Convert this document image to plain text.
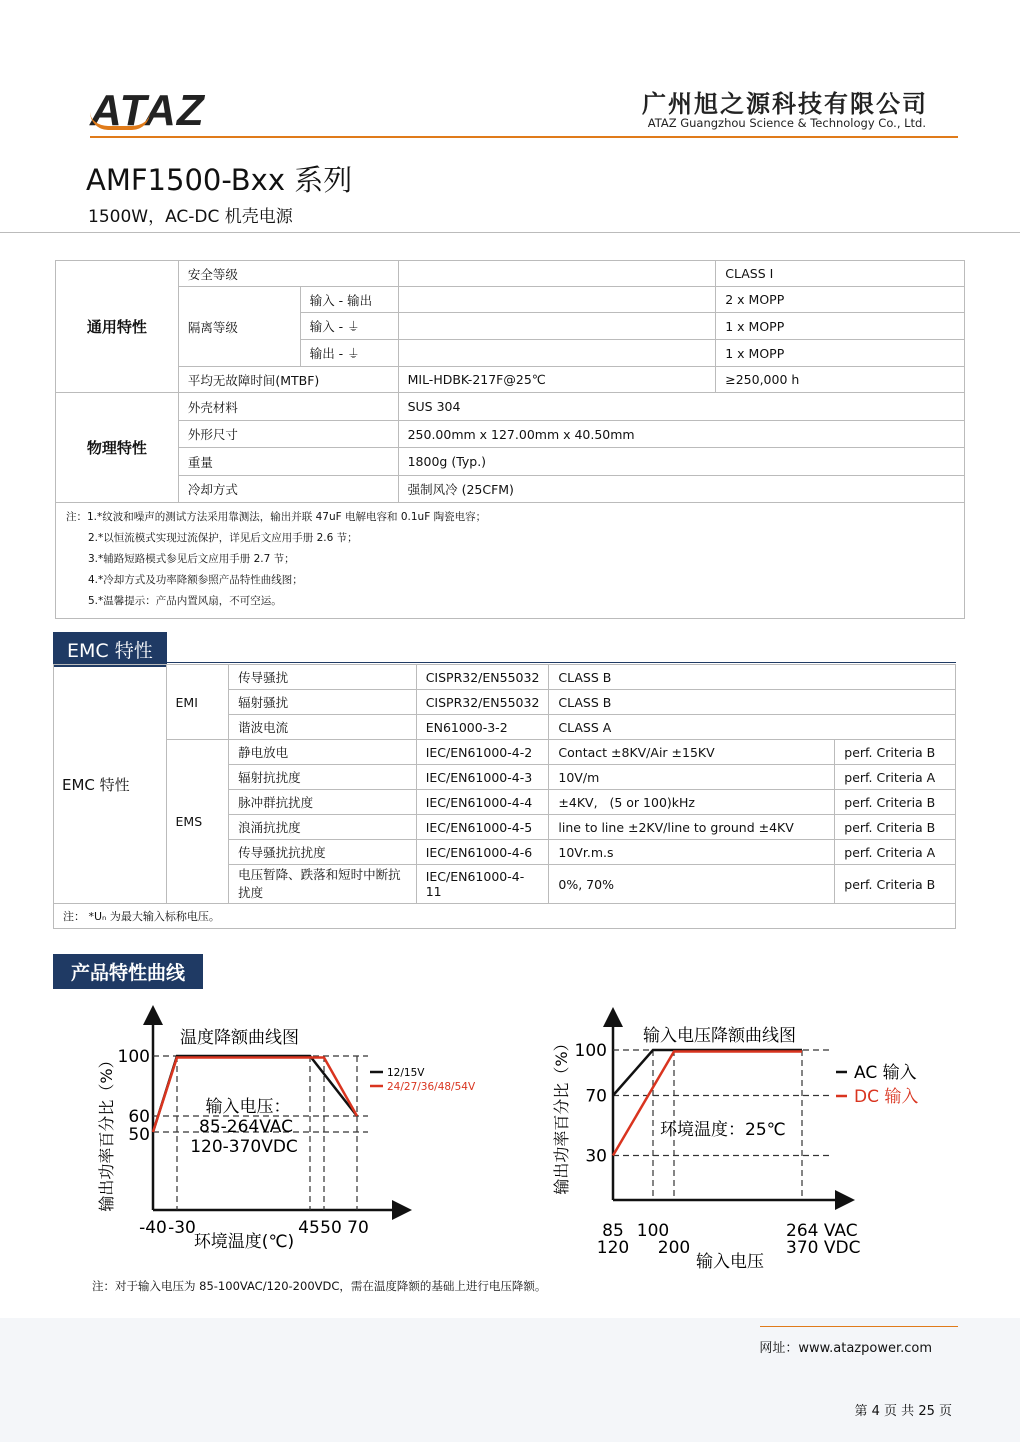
ATAZ	广州旭之源科技有限公司
ATAZ Guangzhou Science & Technology Co., Ltd.
AMF1500-Bxx 系列
1500W，AC-DC 机壳电源
通用特性	安全等级			CLASS I
	隔离等级	输入 - 输出		2 x MOPP
		输入 - ⏚		1 x MOPP
		输出 - ⏚		1 x MOPP
	平均无故障时间(MTBF)		MIL-HDBK-217F@25℃	≥250,000 h
物理特性	外壳材料		SUS 304	
	外形尺寸		250.00mm x 127.00mm x 40.50mm	
	重量		1800g (Typ.)	
	冷却方式		强制风冷 (25CFM)	

注：1.*纹波和噪声的测试方法采用靠测法，输出并联 47uF 电解电容和 0.1uF 陶瓷电容；
2.*以恒流模式实现过流保护，详见后文应用手册 2.6 节；
3.*辅路短路模式参见后文应用手册 2.7 节；
4.*冷却方式及功率降额参照产品特性曲线图；
5.*温馨提示：产品内置风扇，不可空运。				
EMC 特性
EMC 特性	EMI	传导骚扰	CISPR32/EN55032	CLASS B	
		辐射骚扰	CISPR32/EN55032	CLASS B	
		谐波电流	EN61000-3-2	CLASS A	
	EMS	静电放电	IEC/EN61000-4-2	Contact ±8KV/Air ±15KV	perf. Criteria B
		辐射抗扰度	IEC/EN61000-4-3	10V/m	perf. Criteria A
		脉冲群抗扰度	IEC/EN61000-4-4	±4KV,   (5 or 100)kHz	perf. Criteria B
		浪涌抗扰度	IEC/EN61000-4-5	line to line ±2KV/line to ground ±4KV	perf. Criteria B
		传导骚扰抗扰度	IEC/EN61000-4-6	10Vr.m.s	perf. Criteria A
		电压暂降、跌落和短时中断抗扰度	IEC/EN61000-4-11	0%, 70%	perf. Criteria B
注： *Uₙ 为最大输入标称电压。					
产品特性曲线
100
60
50
-40 -30	45 50 70
温度降额曲线图
环境温度(℃)
输出功率百分比（%）	输入电压：
85-264VAC
120-370VDC
12/15V
24/27/36/48/54V
100
70
30
85 100	264 VAC
120 200	370 VDC
输入电压降额曲线图
输入电压
输出功率百分比（%）	环境温度：25℃
AC 输入
DC 输入
注：对于输入电压为 85-100VAC/120-200VDC，需在温度降额的基础上进行电压降额。
网址：www.atazpower.com
第 4 页 共 25 页
